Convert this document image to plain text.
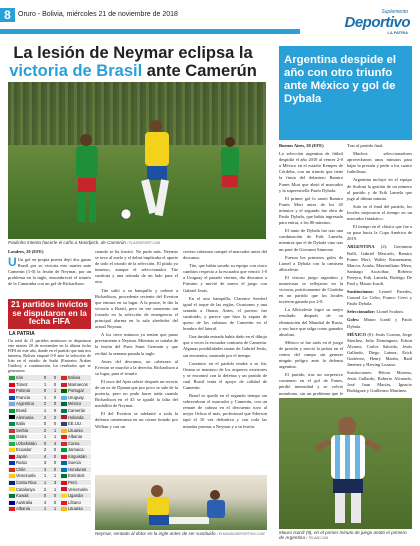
8	Oruro - Bolivia, miércoles 21 de noviembre de 2018	Suplemento
Deportivo
LA PATRIA
La lesión de Neymar eclipsa la victoria de Brasil ante Camerún
Paulinho intenta hacerle el caño a Mandjeck, de Camerún / FLASHSPORT.COM

Londres, 20 (EFE)

U Un gol en propia puerta dejó dos ganar Brasil por su victoria este martes ante Camerún (1-0) la lesión de Neymar, por un problema en la ingle, ensombreció el triunfo de la Canarinha con un gol de Richarlison.

21 partidos invictos se disputaron en la fecha FIFA
LA PATRIA
Un total de 21 partidos amistosos se disputaron este martes 20 de noviembre en la última fecha FIFA de este año, donde en el partido que más nos interesa, Bolivia empató 0-0 ante la selección de Irán en el estadio de Sudsi (Emiratos Árabes Unidos); a continuación, los resultados que se generaron:
Irán	0	0	Bolivia
Túnez	1	0	Marruecos
Polonia	0	1	Portugal
Francia	1	0	Uruguay
Argentina	2	0	México
Brasil	1	0	Camerún
Alemania	2	2	Holanda
Italia	0	0	EE.UU.
Serbia	2	1	Lituania
Gales	1	1	Albania
Uzbekistán	0	4	Corea
Ecuador	2	0	Jamaica
Japón	4	0	Kirguistán
Rusia	3	0	Suecia
Chile	3	0	Honduras
Venezuela	1	1	Emiratos
Costa Rica	1	3	Perú
Catalunya	2	1	Venezuela
Kuwait	0	0	Uganda
Australia	4	0	Líbano
Albania	1	1	Lituania

cuando se ha frustró. No pudo más. Neymar se tuvo al suelo y el debut implicaba el aporte de todo el triunfo de la selección. El pitido ya inmerso, aunque el seleccionador Tite sustituía y una retirada de un lado para el otro.

Tite salió a su banquillo y ordenó a Richarlison, procedente reciente del Everton que entrara en su lugar. A la postre, le dio la victoria a Brasil, pero en ese momento tan forzado en la selección de emergencia el principal alarma en la sala alrededor del actual Neymar.

A los trece minutos ya tenían que pasar previamente a Neymar. Mientras se trataba de la lesión del Paris Saint Germain y que recibió la semana pasada la ingle.

Antes del descanso, un cabezazo al Everton se marchó a la derecha. Richarlison a su lugar, para el triunfo.

El once del Apia sobrió después un recorte de un ex de Djanan que por poco se sale de la portería, pero no pudo hacer nada cuando Richarlison en el 45 se igualó la falta del medallón de Neymar.

El del Everton se adelantó a toda la defensa camerunesa en un córner botado por Willian y con un

certero cabezazo rompió el marcador antes del descanso.

Tite, que había sacado su equipo con cinco cambios respecto a la escuadra que venció 1-0 a Uruguay el pasado viernes, dio descanso a Firmino y movió de nuevo el juego con Gabriel Jesús.

En el otro banquillo, Clarence Seedorf igual el toque de las reglas. Ocasiones y una sentada a Onana. Antes, el portero fue sustituido, y parece que hizo la zapata de queso de los cubanos de Camerún en el hombro del lateral.

Una tímida entrada había dado en el dibujo que a veces la escuadra contraria de Camerún. Algunas posibilidades tantas de Gabriel Jesús, sin encuentro, montado por el tiempo.

Casemiro en el partido tendrá a su fin, Onana se mantuvo de los arqueros exteriores y se encontró con la defensa y un partido de cual Brasil tenía el apoyo de calidad de Camerún.

Brasil se quedó en el segundo tiempo sin sobrevalorar el marcador y Camerún, con un remate de cabeza en el descuento tuvo al mejor Ochoa el más, profesional que Ederson tapó el 10 vez definitiva y con toda las miradas puestas a Neymar y a su lesión.

Neymar, sentado al dolor en la ingle antes de ser sustituido / ELMUNDODEPORTIVO.COM
Argentina despide el año con otro triunfo ante México y gol de Dybala

Buenos Aires, 20 (EFE)

La selección argentina de fútbol despidió el año 2018 al vencer 2-0 a México en el estadio Kempes de Córdoba, con un triunfo que tiene la firma del delantero Ramiro Funes Mori que abrió el marcador y la superestrella Paulo Dybala.

El primer gol lo anotó Ramiro Funes Mori antes de los 45 minutos y el segundo fue obra de Paulo Dybala, que había ingresado para entrar, a los 86 minutos.

El tanto de Dybala fue tras una combinación de Erik Lamela, mientras que el de Dybala vino tras un pase de Giovanni Simeone.

Fueron los primeros goles de Lionel a Dybala con la camiseta albiceleste.

El vistoso juego argentino y numerosas se reflejaron en la victoria, prácticamente de Córdoba en un partido que los locales tuvieron ganado por 2-0.

La Albiceleste logró su mejor resultado después de su eliminación del Mundial de Rusia, y eso hace que salga como ganador absoluto.

México se fue atrás en el juego de presión y movió la pelota en el centro del campo sin generar ningún peligro ante la defensa argentina.

El partido, tras un sorpresivo comienzo en el gol de Funes, perdió intensidad y se volvió monótono, sin un problema que le

Tras al partido final.

Muchos seleccionadores aprovecharon unos minutos para bajar la presión y pedir a los cuatro futbolistas.

Argentina incluyó en el equipo de Scaloni la gestión de un número al partido y de Erik Lamela que jugó al último minuto.

Solo en el final del partido, los locales mejoraron el tiempo en un marcador fantástico.

El tiempo en el clásico que fue a su paso hacia la Copa América de 2019.

ARGENTINA (2): Gerónimo Rulli, Gabriel Mercado, Ramiro Funes Mori, Walter Kannemann, Marcos Acuña, Maximiliano Meza, Santiago Ascacíbar, Roberto Pereyra, Erik Lamela, Rodrigo De Paul y Mauro Icardi.

Sustituciones: Leonel Paredes, Conrad Lo Celso, Franco Cervi y Paulo Dybala.

Seleccionador: Lionel Scaloni.

Goles: Mauro Icardi y Paulo Dybala.

MÉXICO (0): Jesús Corona, Jorge Sánchez, Julio Domínguez, Edson Álvarez, Carlos Salcedo, Jesús Gallardo, Diego Lainez, Erick Gutiérrez, Henry Martín, Raúl Jiménez y Hirving Lozano.

Sustituciones: Héctor Moreno, Jesús Gallardo, Roberto Alvarado, José Juan Macías, Ignacio Rodríguez y Guillermo Martínez.

Mauro Icardi (9), en el primer minuto de juego anotó el primero de Argentina / TELAM.COM
